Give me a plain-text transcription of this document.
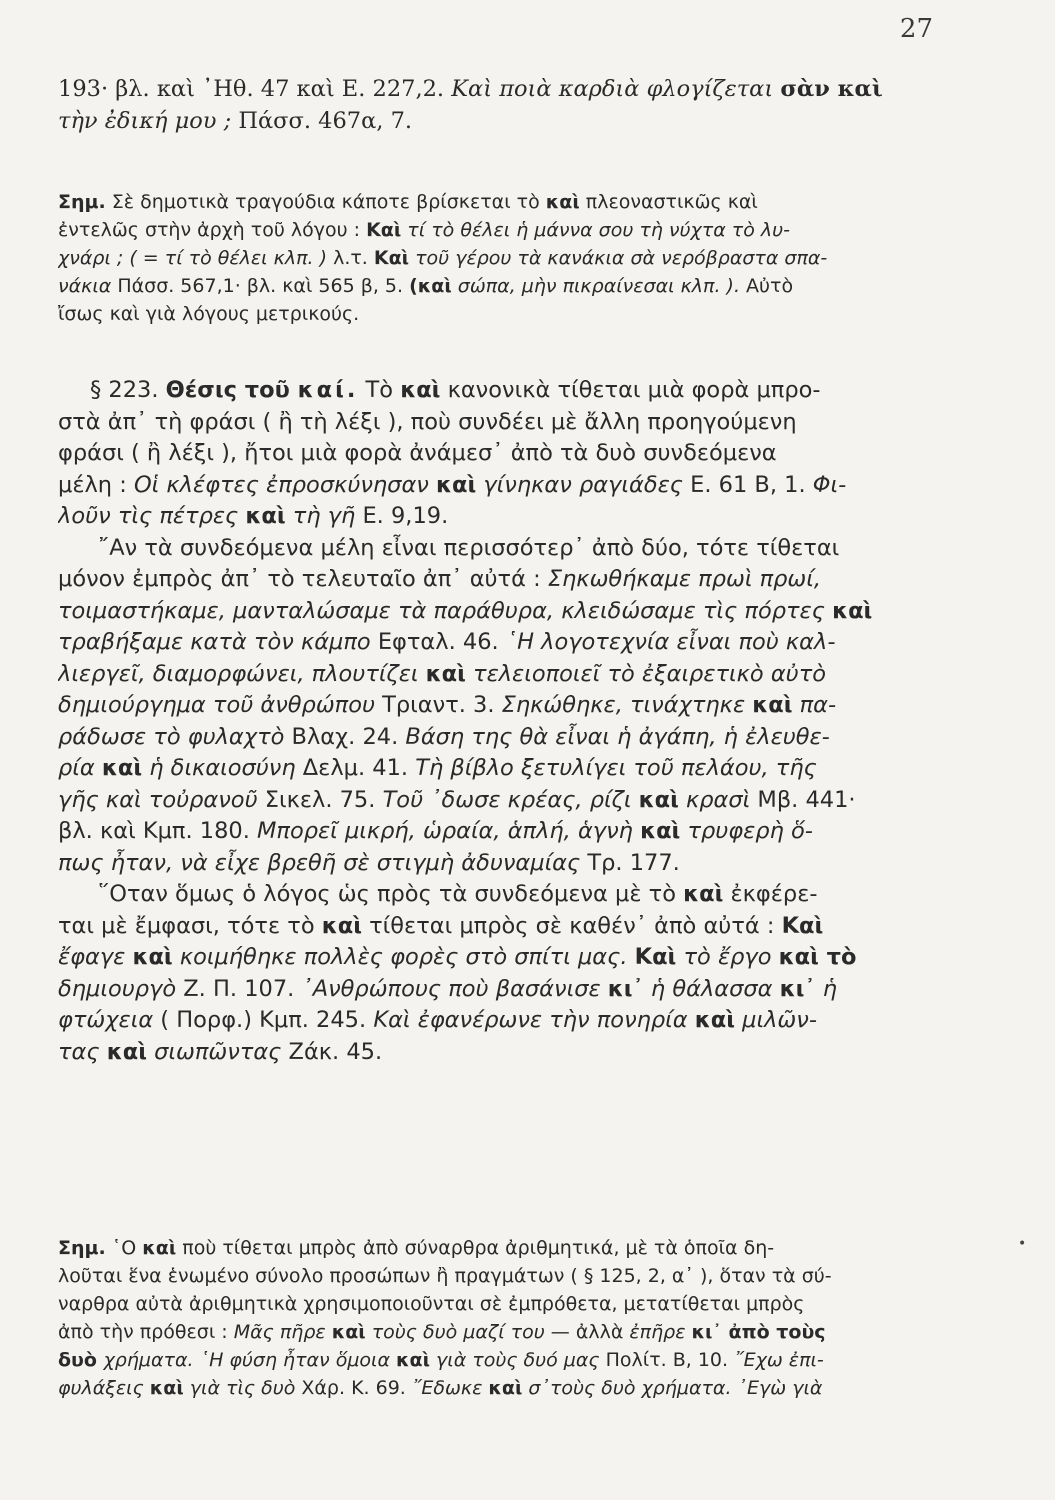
27
193· βλ. καὶ ᾽Ηθ. 47 καὶ Ε. 227,2. Καὶ ποιὰ καρδιὰ φλογίζεται σὰν καὶ
τὴν ἐδική μου ; Πάσσ. 467α, 7.
Σημ. Σὲ δημοτικὰ τραγούδια κάποτε βρίσκεται τὸ καὶ πλεοναστικῶς καὶ
ἐντελῶς στὴν ἀρχὴ τοῦ λόγου : Καὶ τί τὸ θέλει ἡ μάννα σου τὴ νύχτα τὸ λυ-
χνάρι ; ( = τί τὸ θέλει κλπ. ) λ.τ. Καὶ τοῦ γέρου τὰ κανάκια σὰ νερόβραστα σπα-
νάκια Πάσσ. 567,1· βλ. καὶ 565 β, 5. (καὶ σώπα, μὴν πικραίνεσαι κλπ. ). Αὐτὸ
ἴσως καὶ γιὰ λόγους μετρικούς.
§ 223. Θέσις τοῦ καί. Τὸ καὶ κανονικὰ τίθεται μιὰ φορὰ μπρο-
στὰ ἀπ᾽ τὴ φράσι ( ἢ τὴ λέξι ), ποὺ συνδέει μὲ ἄλλη προηγούμενη
φράσι ( ἢ λέξι ), ἤτοι μιὰ φορὰ ἀνάμεσ᾽ ἀπὸ τὰ δυὸ συνδεόμενα
μέλη : Οἱ κλέφτες ἐπροσκύνησαν καὶ γίνηκαν ραγιάδες Ε. 61 Β, 1. Φι-
λοῦν τὶς πέτρες καὶ τὴ γῆ Ε. 9,19.
῎Αν τὰ συνδεόμενα μέλη εἶναι περισσότερ᾽ ἀπὸ δύο, τότε τίθεται
μόνον ἐμπρὸς ἀπ᾽ τὸ τελευταῖο ἀπ᾽ αὐτά : Σηκωθήκαμε πρωὶ πρωί,
τοιμαστήκαμε, μανταλώσαμε τὰ παράθυρα, κλειδώσαμε τὶς πόρτες καὶ
τραβήξαμε κατὰ τὸν κάμπο Εφταλ. 46. ῾Η λογοτεχνία εἶναι ποὺ καλ-
λιεργεῖ, διαμορφώνει, πλουτίζει καὶ τελειοποιεῖ τὸ ἐξαιρετικὸ αὐτὸ
δημιούργημα τοῦ ἀνθρώπου Τριαντ. 3. Σηκώθηκε, τινάχτηκε καὶ πα-
ράδωσε τὸ φυλαχτὸ Βλαχ. 24. Βάση της θὰ εἶναι ἡ ἀγάπη, ἡ ἐλευθε-
ρία καὶ ἡ δικαιοσύνη Δελμ. 41. Τὴ βίβλο ξετυλίγει τοῦ πελάου, τῆς
γῆς καὶ τοὐρανοῦ Σικελ. 75. Τοῦ ᾽δωσε κρέας, ρίζι καὶ κρασὶ Μβ. 441·
βλ. καὶ Κμπ. 180. Μπορεῖ μικρή, ὡραία, ἁπλή, ἁγνὴ καὶ τρυφερὴ ὅ-
πως ἦταν, νὰ εἶχε βρεθῆ σὲ στιγμὴ ἀδυναμίας Τρ. 177.
῞Οταν ὅμως ὁ λόγος ὡς πρὸς τὰ συνδεόμενα μὲ τὸ καὶ ἐκφέρε-
ται μὲ ἔμφασι, τότε τὸ καὶ τίθεται μπρὸς σὲ καθέν᾽ ἀπὸ αὐτά : Καὶ
ἔφαγε καὶ κοιμήθηκε πολλὲς φορὲς στὸ σπίτι μας. Καὶ τὸ ἔργο καὶ τὸ
δημιουργὸ Ζ. Π. 107. ᾽Ανθρώπους ποὺ βασάνισε κι᾽ ἡ θάλασσα κι᾽ ἡ
φτώχεια ( Πορφ.) Κμπ. 245. Καὶ ἐφανέρωνε τὴν πονηρία καὶ μιλῶν-
τας καὶ σιωπῶντας Ζάκ. 45.
Σημ. ῾Ο καὶ ποὺ τίθεται μπρὸς ἀπὸ σύναρθρα ἀριθμητικά, μὲ τὰ ὁποῖα δη-
λοῦται ἕνα ἑνωμένο σύνολο προσώπων ἢ πραγμάτων ( § 125, 2, α᾽ ), ὅταν τὰ σύ-
ναρθρα αὐτὰ ἀριθμητικὰ χρησιμοποιοῦνται σὲ ἐμπρόθετα, μετατίθεται μπρὸς
ἀπὸ τὴν πρόθεσι : Μᾶς πῆρε καὶ τοὺς δυὸ μαζί του — ἀλλὰ ἐπῆρε κι᾽ ἀπὸ τοὺς
δυὸ χρήματα. ῾Η φύση ἦταν ὅμοια καὶ γιὰ τοὺς δυό μας Πολίτ. Β, 10. ῎Εχω ἐπι-
φυλάξεις καὶ γιὰ τὶς δυὸ Χάρ. Κ. 69. ῎Εδωκε καὶ σ᾽τοὺς δυὸ χρήματα. ᾽Εγὼ γιὰ
•
